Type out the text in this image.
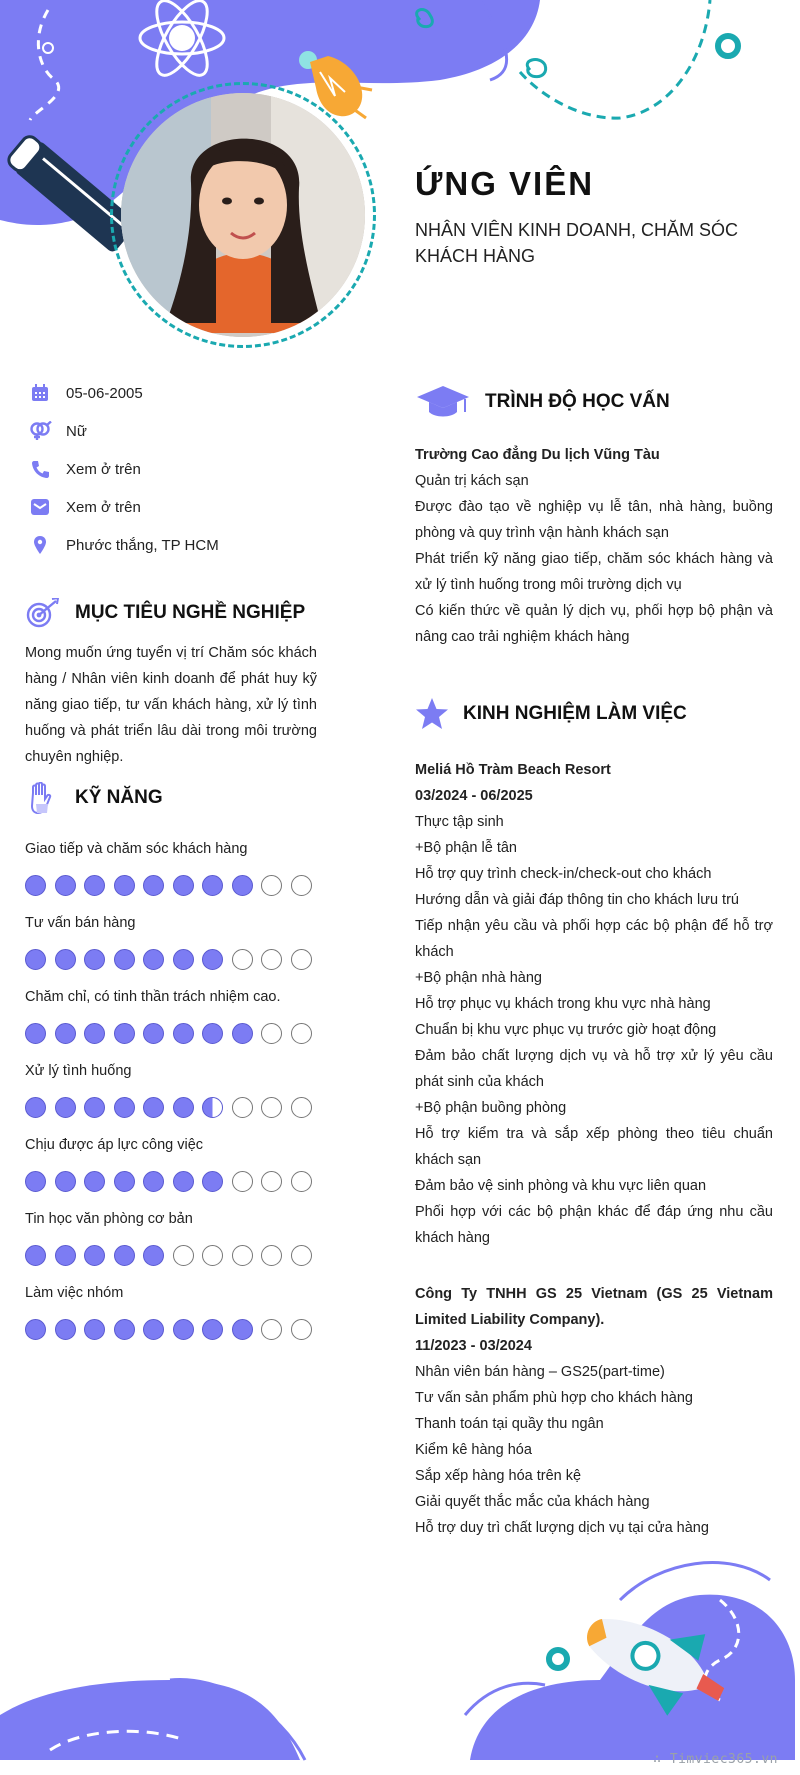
ỨNG VIÊN
NHÂN VIÊN KINH DOANH, CHĂM SÓC KHÁCH HÀNG
05-06-2005
Nữ
Xem ở trên
Xem ở trên
Phước thắng, TP HCM
MỤC TIÊU NGHỀ NGHIỆP
Mong muốn ứng tuyển vị trí Chăm sóc khách hàng / Nhân viên kinh doanh để phát huy kỹ năng giao tiếp, tư vấn khách hàng, xử lý tình huống và phát triển lâu dài trong môi trường chuyên nghiệp.
KỸ NĂNG
Giao tiếp và chăm sóc khách hàng
Tư vấn bán hàng
Chăm chỉ, có tinh thần trách nhiệm cao.
Xử lý tình huống
Chịu được áp lực công việc
Tin học văn phòng cơ bản
Làm việc nhóm
TRÌNH ĐỘ HỌC VẤN

Trường Cao đẳng Du lịch Vũng Tàu

Quản trị kách sạn

Được đào tạo về nghiệp vụ lễ tân, nhà hàng, buồng phòng và quy trình vận hành khách sạn

Phát triển kỹ năng giao tiếp, chăm sóc khách hàng và xử lý tình huống trong môi trường dịch vụ

Có kiến thức về quản lý dịch vụ, phối hợp bộ phận và nâng cao trải nghiệm khách hàng

KINH NGHIỆM LÀM VIỆC

Meliá Hồ Tràm Beach Resort

03/2024 - 06/2025

Thực tập sinh

+Bộ phận lễ tân

Hỗ trợ quy trình check-in/check-out cho khách

Hướng dẫn và giải đáp thông tin cho khách lưu trú

Tiếp nhận yêu cầu và phối hợp các bộ phận để hỗ trợ khách

+Bộ phận nhà hàng

Hỗ trợ phục vụ khách trong khu vực nhà hàng

Chuẩn bị khu vực phục vụ trước giờ hoạt động

Đảm bảo chất lượng dịch vụ và hỗ trợ xử lý yêu cầu phát sinh của khách

+Bộ phận buồng phòng

Hỗ trợ kiểm tra và sắp xếp phòng theo tiêu chuẩn khách sạn

Đảm bảo vệ sinh phòng và khu vực liên quan

Phối hợp với các bộ phận khác để đáp ứng nhu cầu khách hàng

Công Ty TNHH GS 25 Vietnam (GS 25 Vietnam Limited Liability Company).

11/2023 - 03/2024

Nhân viên bán hàng – GS25(part-time)

Tư vấn sản phẩm phù hợp cho khách hàng

Thanh toán tại quầy thu ngân

Kiểm kê hàng hóa

Sắp xếp hàng hóa trên kệ

Giải quyết thắc mắc của khách hàng

Hỗ trợ duy trì chất lượng dịch vụ tại cửa hàng

∴ Timviec365.vn
